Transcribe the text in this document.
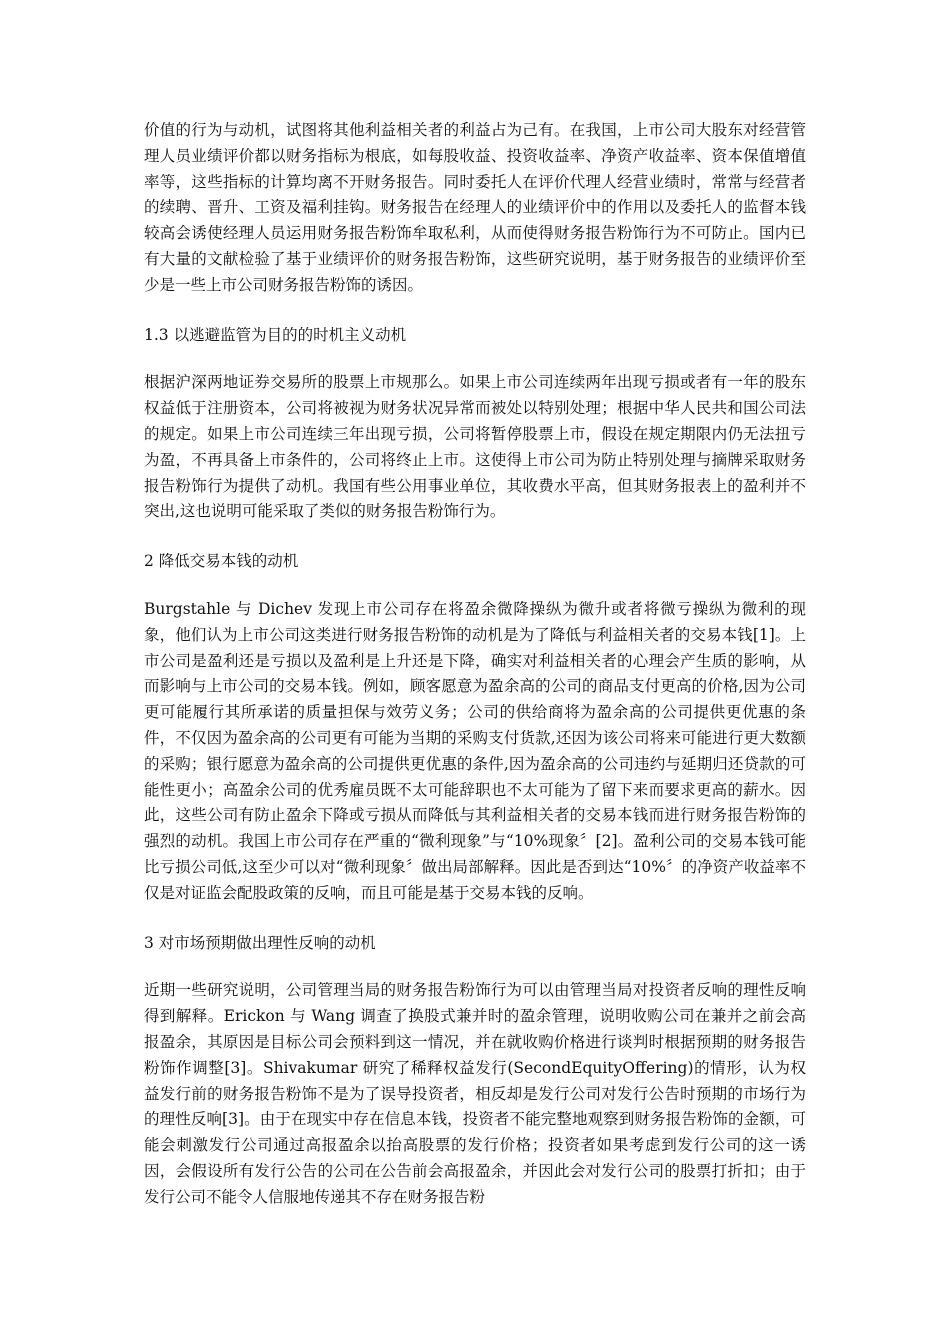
价值的行为与动机，试图将其他利益相关者的利益占为己有。在我国，上市公司大股东对经营管理人员业绩评价都以财务指标为根底，如每股收益、投资收益率、净资产收益率、资本保值增值率等，这些指标的计算均离不开财务报告。同时委托人在评价代理人经营业绩时，常常与经营者的续聘、晋升、工资及福利挂钩。财务报告在经理人的业绩评价中的作用以及委托人的监督本钱较高会诱使经理人员运用财务报告粉饰牟取私利，从而使得财务报告粉饰行为不可防止。国内已有大量的文献检验了基于业绩评价的财务报告粉饰，这些研究说明，基于财务报告的业绩评价至少是一些上市公司财务报告粉饰的诱因。

1.3 以逃避监管为目的的时机主义动机

根据沪深两地证券交易所的股票上市规那么。如果上市公司连续两年出现亏损或者有一年的股东权益低于注册资本，公司将被视为财务状况异常而被处以特别处理；根据中华人民共和国公司法的规定。如果上市公司连续三年出现亏损，公司将暂停股票上市，假设在规定期限内仍无法扭亏为盈，不再具备上市条件的，公司将终止上市。这使得上市公司为防止特别处理与摘牌采取财务报告粉饰行为提供了动机。我国有些公用事业单位，其收费水平高，但其财务报表上的盈利并不突出,这也说明可能采取了类似的财务报告粉饰行为。

2 降低交易本钱的动机

Burgstahle 与 Dichev 发现上市公司存在将盈余微降操纵为微升或者将微亏操纵为微利的现象，他们认为上市公司这类进行财务报告粉饰的动机是为了降低与利益相关者的交易本钱[1]。上市公司是盈利还是亏损以及盈利是上升还是下降，确实对利益相关者的心理会产生质的影响，从而影响与上市公司的交易本钱。例如，顾客愿意为盈余高的公司的商品支付更高的价格,因为公司更可能履行其所承诺的质量担保与效劳义务；公司的供给商将为盈余高的公司提供更优惠的条件，不仅因为盈余高的公司更有可能为当期的采购支付货款,还因为该公司将来可能进行更大数额的采购；银行愿意为盈余高的公司提供更优惠的条件,因为盈余高的公司违约与延期归还贷款的可能性更小；高盈余公司的优秀雇员既不太可能辞职也不太可能为了留下来而要求更高的薪水。因此，这些公司有防止盈余下降或亏损从而降低与其利益相关者的交易本钱而进行财务报告粉饰的强烈的动机。我国上市公司存在严重的“微利现象”与“10%现象〞[2]。盈利公司的交易本钱可能比亏损公司低,这至少可以对“微利现象〞做出局部解释。因此是否到达“10%〞的净资产收益率不仅是对证监会配股政策的反响，而且可能是基于交易本钱的反响。

3 对市场预期做出理性反响的动机

近期一些研究说明，公司管理当局的财务报告粉饰行为可以由管理当局对投资者反响的理性反响得到解释。Erickon 与 Wang 调查了换股式兼并时的盈余管理，说明收购公司在兼并之前会高报盈余，其原因是目标公司会预料到这一情况，并在就收购价格进行谈判时根据预期的财务报告粉饰作调整[3]。Shivakumar 研究了稀释权益发行(SecondEquityOffering)的情形，认为权益发行前的财务报告粉饰不是为了误导投资者，相反却是发行公司对发行公告时预期的市场行为的理性反响[3]。由于在现实中存在信息本钱，投资者不能完整地观察到财务报告粉饰的金额，可能会刺激发行公司通过高报盈余以抬高股票的发行价格；投资者如果考虑到发行公司的这一诱因，会假设所有发行公告的公司在公告前会高报盈余，并因此会对发行公司的股票打折扣；由于发行公司不能令人信服地传递其不存在财务报告粉
